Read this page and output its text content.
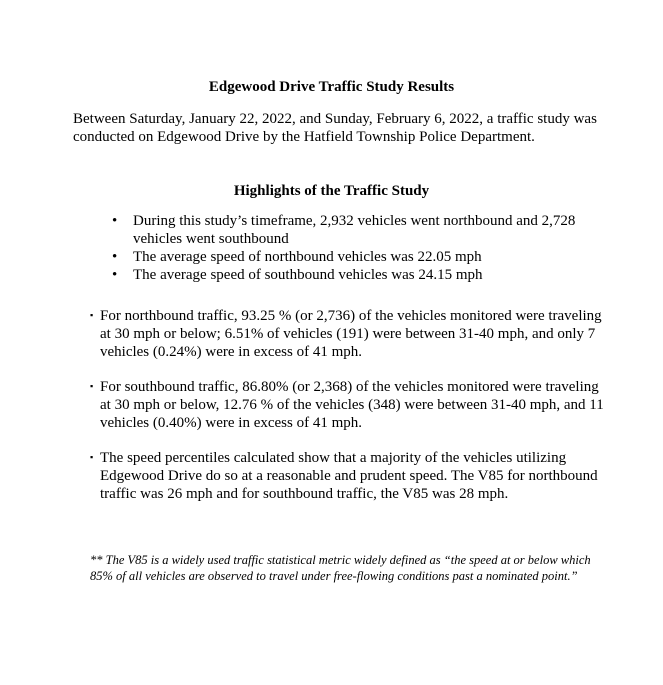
Edgewood Drive Traffic Study Results
Between Saturday, January 22, 2022, and Sunday, February 6, 2022, a traffic study was conducted on Edgewood Drive by the Hatfield Township Police Department.
Highlights of the Traffic Study
•	During this study’s timeframe, 2,932 vehicles went northbound and 2,728 vehicles went southbound
•	The average speed of northbound vehicles was 22.05 mph
•	The average speed of southbound vehicles was 24.15 mph
▪ For northbound traffic, 93.25 % (or 2,736) of the vehicles monitored were traveling at 30 mph or below; 6.51% of vehicles (191) were between 31-40 mph, and only 7 vehicles (0.24%) were in excess of 41 mph.
▪ For southbound traffic, 86.80% (or 2,368) of the vehicles monitored were traveling at 30 mph or below, 12.76 % of the vehicles (348) were between 31-40 mph, and 11 vehicles (0.40%) were in excess of 41 mph.
▪ The speed percentiles calculated show that a majority of the vehicles utilizing Edgewood Drive do so at a reasonable and prudent speed. The V85 for northbound traffic was 26 mph and for southbound traffic, the V85 was 28 mph.
** The V85 is a widely used traffic statistical metric widely defined as “the speed at or below which 85% of all vehicles are observed to travel under free-flowing conditions past a nominated point.”
